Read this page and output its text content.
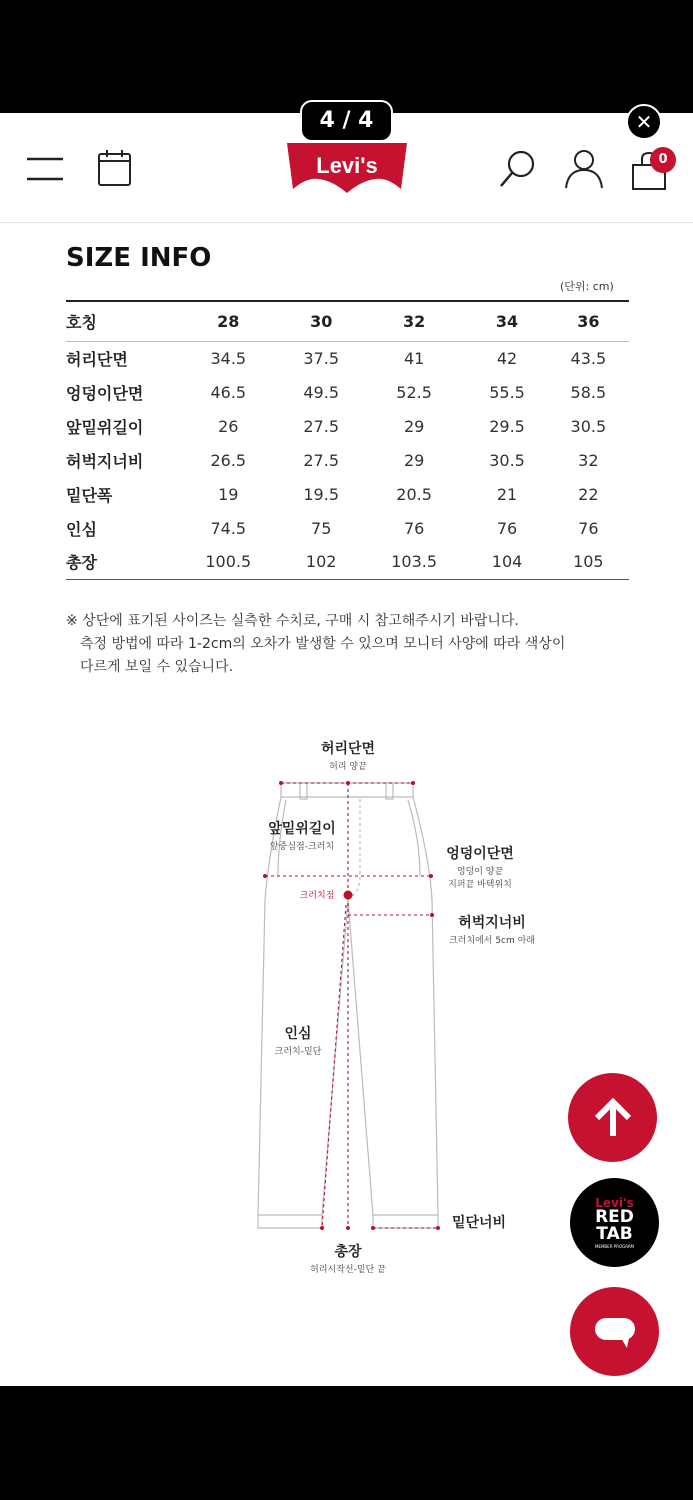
Levi's	0
4 / 4	✕
SIZE INFO
(단위: cm)
호칭	28	30	32	34	36
허리단면	34.5	37.5	41	42	43.5
엉덩이단면	46.5	49.5	52.5	55.5	58.5
앞밑위길이	26	27.5	29	29.5	30.5
허벅지너비	26.5	27.5	29	30.5	32
밑단폭	19	19.5	20.5	21	22
인심	74.5	75	76	76	76
총장	100.5	102	103.5	104	105
※ 상단에 표기된 사이즈는 실측한 수치로, 구매 시 참고해주시기 바랍니다.
측정 방법에 따라 1-2cm의 오차가 발생할 수 있으며 모니터 사양에 따라 색상이
다르게 보일 수 있습니다.
허리단면
허리 양끝
앞밑위길이
앞중심점-크러치	엉덩이단면
엉덩이 양끝
지퍼끝 바텍위치
크러치점
허벅지너비
크러치에서 5cm 아래
인심
크러치-밑단
밑단너비
총장
허리시작선-밑단 끝
Levi's
RED
TAB
MEMBER PROGRAM
